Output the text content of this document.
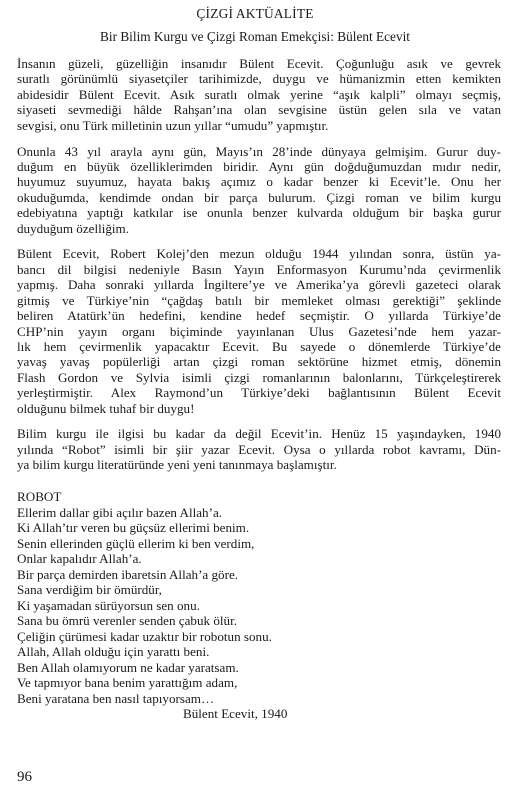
ÇİZGİ AKTÜALİTE
Bir Bilim Kurgu ve Çizgi Roman Emekçisi: Bülent Ecevit

İnsanın güzeli, güzelliğin insanıdır Bülent Ecevit. Çoğunluğu asık ve gevrek
suratlı görünümlü siyasetçiler tarihimizde, duygu ve hümanizmin etten kemikten
abidesidir Bülent Ecevit. Asık suratlı olmak yerine “aşık kalpli” olmayı seçmiş,
siyaseti sevmediği hâlde Rahşan’ına olan sevgisine üstün gelen sıla ve vatan
sevgisi, onu Türk milletinin uzun yıllar “umudu” yapmıştır.

Onunla 43 yıl arayla aynı gün, Mayıs’ın 28’inde dünyaya gelmişim. Gurur duy-
duğum en büyük özelliklerimden biridir. Aynı gün doğduğumuzdan mıdır nedir,
huyumuz suyumuz, hayata bakış açımız o kadar benzer ki Ecevit’le. Onu her
okuduğumda, kendimde ondan bir parça bulurum. Çizgi roman ve bilim kurgu
edebiyatına yaptığı katkılar ise onunla benzer kulvarda olduğum bir başka gurur
duyduğum özelliğim.

Bülent Ecevit, Robert Kolej’den mezun olduğu 1944 yılından sonra, üstün ya-
bancı dil bilgisi nedeniyle Basın Yayın Enformasyon Kurumu’nda çevirmenlik
yapmış. Daha sonraki yıllarda İngiltere’ye ve Amerika’ya görevli gazeteci olarak
gitmiş ve Türkiye’nin “çağdaş batılı bir memleket olması gerektiği” şeklinde
beliren Atatürk’ün hedefini, kendine hedef seçmiştir. O yıllarda Türkiye’de
CHP’nin yayın organı biçiminde yayınlanan Ulus Gazetesi’nde hem yazar-
lık hem çevirmenlik yapacaktır Ecevit. Bu sayede o dönemlerde Türkiye’de
yavaş yavaş popülerliği artan çizgi roman sektörüne hizmet etmiş, dönemin
Flash Gordon ve Sylvia isimli çizgi romanlarının balonlarını, Türkçeleştirerek
yerleştirmiştir. Alex Raymond’un Türkiye’deki bağlantısının Bülent Ecevit
olduğunu bilmek tuhaf bir duygu!

Bilim kurgu ile ilgisi bu kadar da değil Ecevit’in. Henüz 15 yaşındayken, 1940
yılında “Robot” isimli bir şiir yazar Ecevit. Oysa o yıllarda robot kavramı, Dün-
ya bilim kurgu literatüründe yeni yeni tanınmaya başlamıştır.

ROBOT
Ellerim dallar gibi açılır bazen Allah’a.
Ki Allah’tır veren bu güçsüz ellerimi benim.
Senin ellerinden güçlü ellerim ki ben verdim,
Onlar kapalıdır Allah’a.
Bir parça demirden ibaretsin Allah’a göre.
Sana verdiğim bir ömürdür,
Ki yaşamadan sürüyorsun sen onu.
Sana bu ömrü verenler senden çabuk ölür.
Çeliğin çürümesi kadar uzaktır bir robotun sonu.
Allah, Allah olduğu için yarattı beni.
Ben Allah olamıyorum ne kadar yaratsam.
Ve tapmıyor bana benim yarattığım adam,
Beni yaratana ben nasıl tapıyorsam…
Bülent Ecevit, 1940
96
